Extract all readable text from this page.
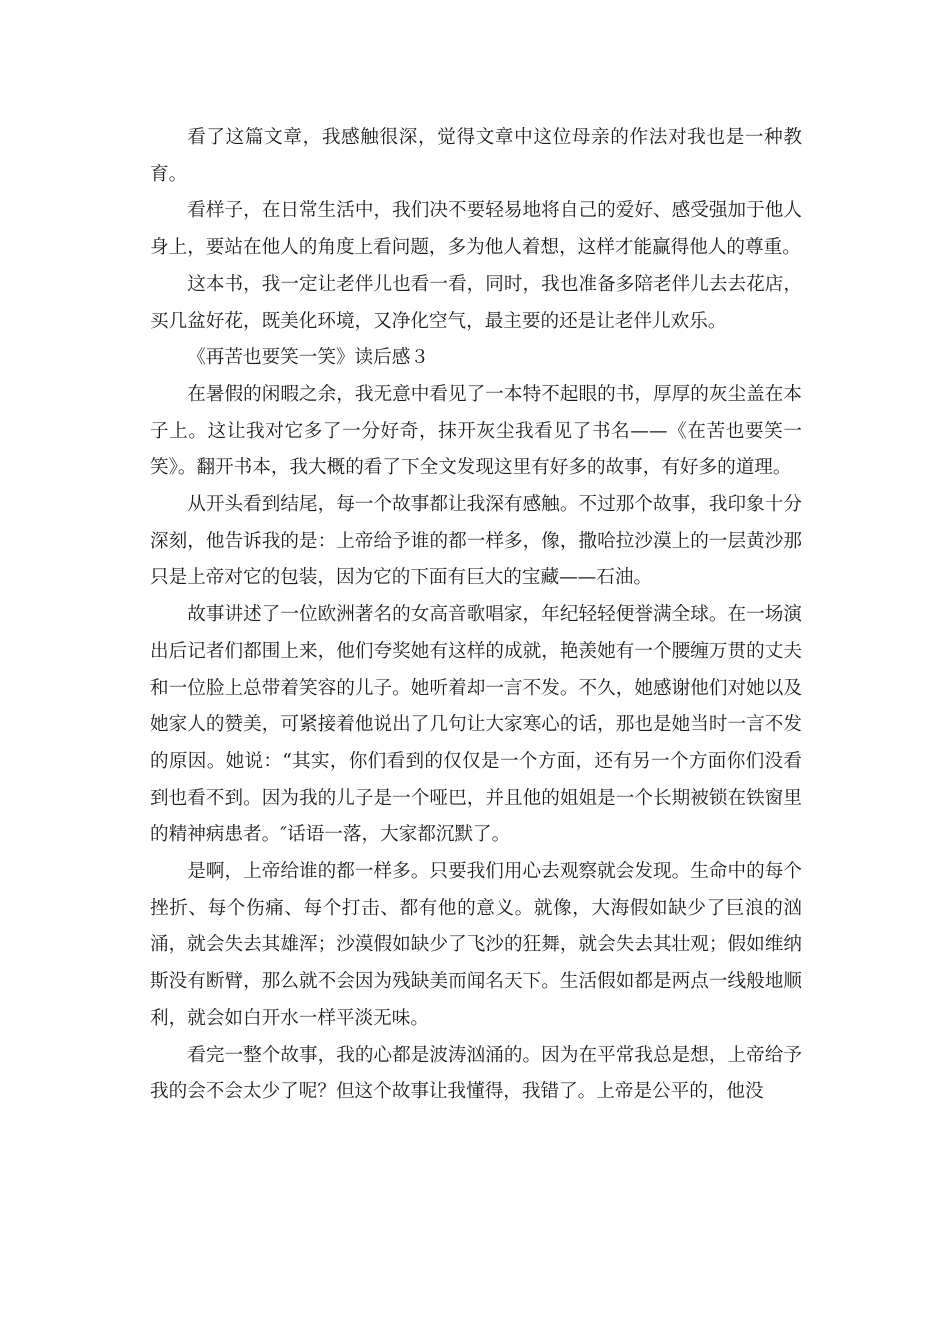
看了这篇文章，我感触很深，觉得文章中这位母亲的作法对我也是一种教育。

看样子，在日常生活中，我们决不要轻易地将自己的爱好、感受强加于他人身上，要站在他人的角度上看问题，多为他人着想，这样才能赢得他人的尊重。

这本书，我一定让老伴儿也看一看，同时，我也准备多陪老伴儿去去花店，买几盆好花，既美化环境，又净化空气，最主要的还是让老伴儿欢乐。

《再苦也要笑一笑》读后感３

在暑假的闲暇之余，我无意中看见了一本特不起眼的书，厚厚的灰尘盖在本子上。这让我对它多了一分好奇，抹开灰尘我看见了书名——《在苦也要笑一笑》。翻开书本，我大概的看了下全文发现这里有好多的故事，有好多的道理。

从开头看到结尾，每一个故事都让我深有感触。不过那个故事，我印象十分深刻，他告诉我的是：上帝给予谁的都一样多，像，撒哈拉沙漠上的一层黄沙那只是上帝对它的包装，因为它的下面有巨大的宝藏——石油。

故事讲述了一位欧洲著名的女高音歌唱家，年纪轻轻便誉满全球。在一场演出后记者们都围上来，他们夸奖她有这样的成就，艳羡她有一个腰缠万贯的丈夫和一位脸上总带着笑容的儿子。她听着却一言不发。不久，她感谢他们对她以及她家人的赞美，可紧接着他说出了几句让大家寒心的话，那也是她当时一言不发的原因。她说：“其实，你们看到的仅仅是一个方面，还有另一个方面你们没看到也看不到。因为我的儿子是一个哑巴，并且他的姐姐是一个长期被锁在铁窗里的精神病患者。″话语一落，大家都沉默了。

是啊，上帝给谁的都一样多。只要我们用心去观察就会发现。生命中的每个挫折、每个伤痛、每个打击、都有他的意义。就像，大海假如缺少了巨浪的汹涌，就会失去其雄浑；沙漠假如缺少了飞沙的狂舞，就会失去其壮观；假如维纳斯没有断臂，那么就不会因为残缺美而闻名天下。生活假如都是两点一线般地顺利，就会如白开水一样平淡无味。

看完一整个故事，我的心都是波涛汹涌的。因为在平常我总是想，上帝给予我的会不会太少了呢？但这个故事让我懂得，我错了。上帝是公平的，他没
